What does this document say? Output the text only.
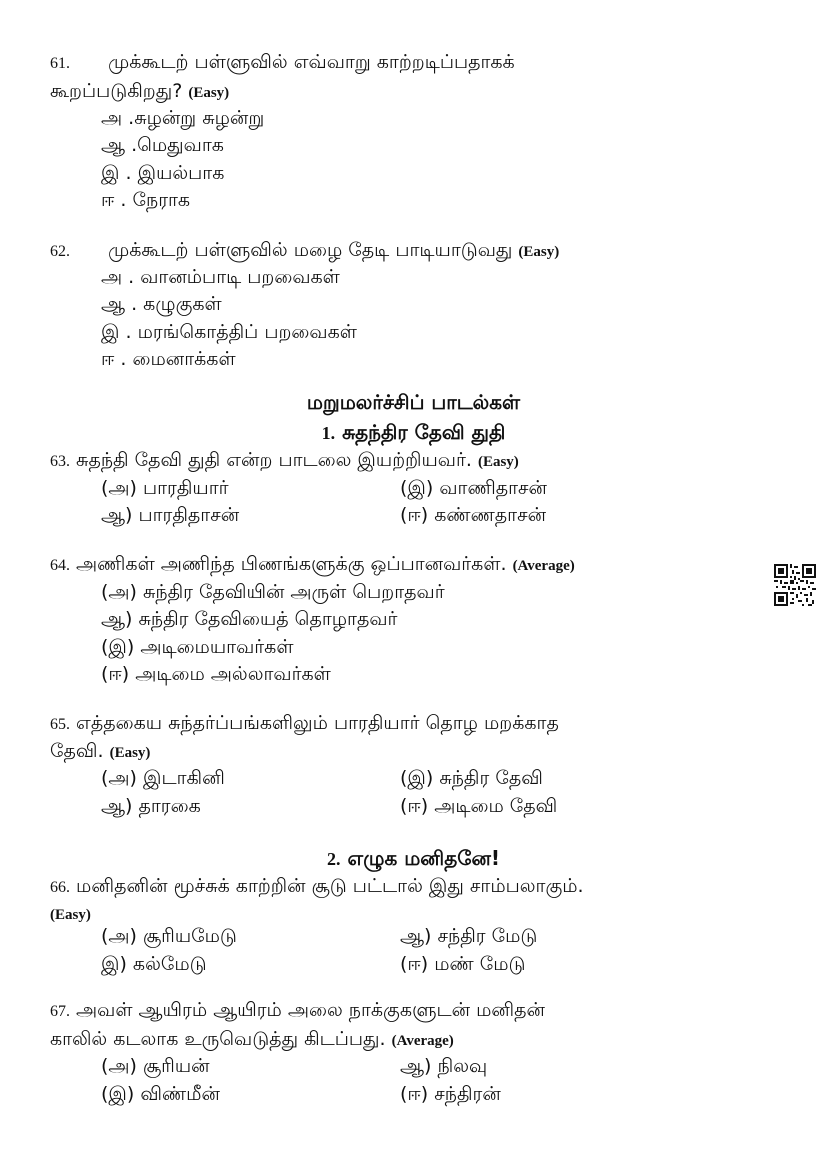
61. முக்கூடற் பள்ளுவில் எவ்வாறு காற்றடிப்பதாகக்
கூறப்படுகிறது? (Easy)
அ .சுழன்று சுழன்று
ஆ .மெதுவாக
இ . இயல்பாக
ஈ . நேராக
62. முக்கூடற் பள்ளுவில் மழை தேடி பாடியாடுவது (Easy)
அ . வானம்பாடி பறவைகள்
ஆ . கழுகுகள்
இ . மரங்கொத்திப் பறவைகள்
ஈ . மைனாக்கள்
மறுமலர்ச்சிப் பாடல்கள்
1. சுதந்திர தேவி துதி
63. சுதந்தி தேவி துதி என்ற பாடலை இயற்றியவர். (Easy)
(அ) பாரதியார்	(இ) வாணிதாசன்
ஆ) பாரதிதாசன்	(ஈ) கண்ணதாசன்
64. அணிகள் அணிந்த பிணங்களுக்கு ஒப்பானவர்கள். (Average)
(அ) சுந்திர தேவியின் அருள் பெறாதவர்
ஆ) சுந்திர தேவியைத் தொழாதவர்
(இ) அடிமையாவர்கள்
(ஈ) அடிமை அல்லாவர்கள்
65. எத்தகைய சுந்தர்ப்பங்களிலும் பாரதியார் தொழ மறக்காத
தேவி. (Easy)
(அ) இடாகினி	(இ) சுந்திர தேவி
ஆ) தாரகை	(ஈ) அடிமை தேவி
2. எழுக மனிதனே!
66. மனிதனின் மூச்சுக் காற்றின் சூடு பட்டால் இது சாம்பலாகும்.
(Easy)
(அ) சூரியமேடு	ஆ) சந்திர மேடு
இ) கல்மேடு	(ஈ) மண் மேடு
67. அவள் ஆயிரம் ஆயிரம் அலை நாக்குகளுடன் மனிதன்
காலில் கடலாக உருவெடுத்து கிடப்பது. (Average)
(அ) சூரியன்	ஆ) நிலவு
(இ) விண்மீன்	(ஈ) சந்திரன்
